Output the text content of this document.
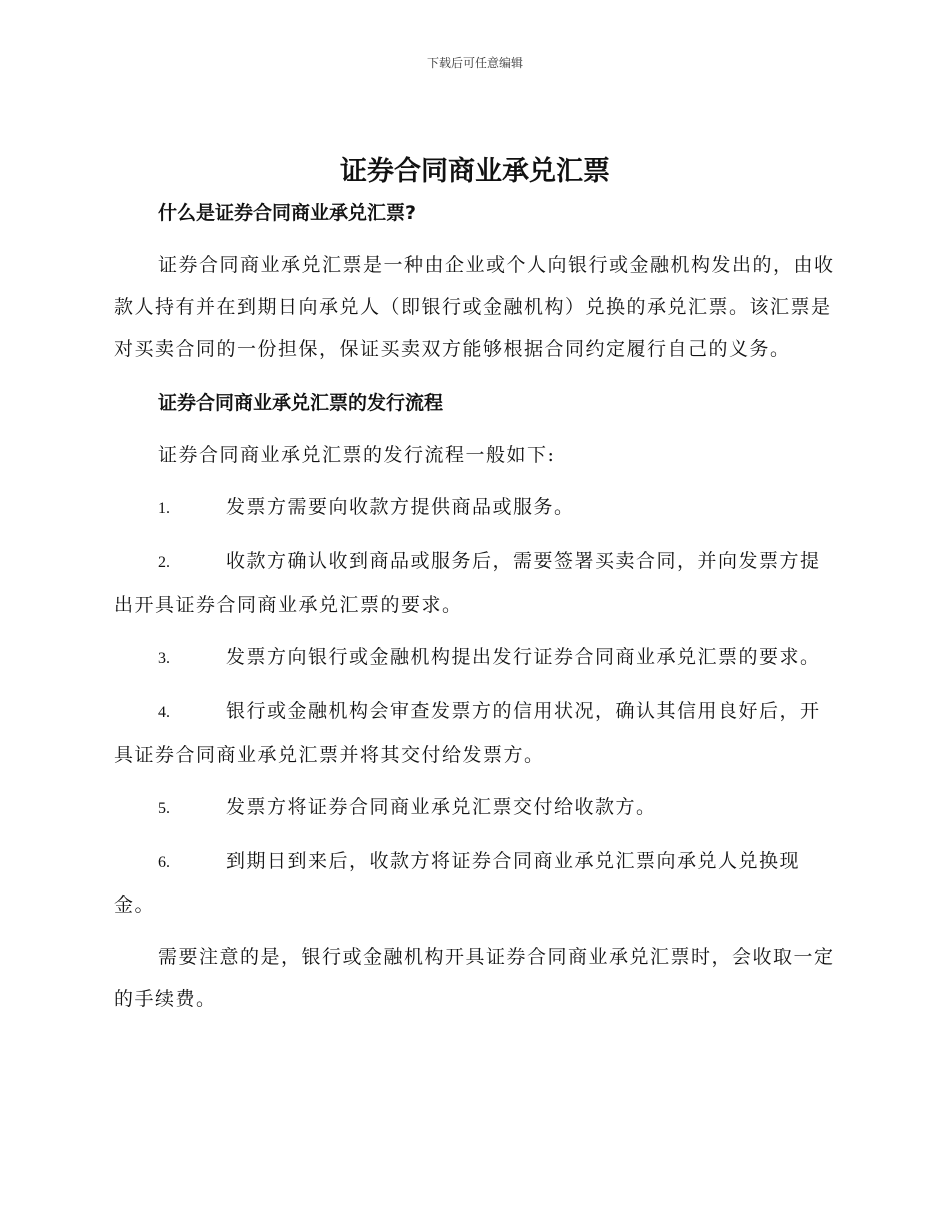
下载后可任意编辑
证券合同商业承兑汇票

什么是证券合同商业承兑汇票?

证券合同商业承兑汇票是一种由企业或个人向银行或金融机构发出的，由收款人持有并在到期日向承兑人（即银行或金融机构）兑换的承兑汇票。该汇票是对买卖合同的一份担保，保证买卖双方能够根据合同约定履行自己的义务。

证券合同商业承兑汇票的发行流程

证券合同商业承兑汇票的发行流程一般如下:

1.	发票方需要向收款方提供商品或服务。

2.	收款方确认收到商品或服务后，需要签署买卖合同，并向发票方提出开具证券合同商业承兑汇票的要求。

3.	发票方向银行或金融机构提出发行证券合同商业承兑汇票的要求。

4.	银行或金融机构会审查发票方的信用状况，确认其信用良好后，开具证券合同商业承兑汇票并将其交付给发票方。

5.	发票方将证券合同商业承兑汇票交付给收款方。

6.	到期日到来后，收款方将证券合同商业承兑汇票向承兑人兑换现金。

需要注意的是，银行或金融机构开具证券合同商业承兑汇票时，会收取一定的手续费。
